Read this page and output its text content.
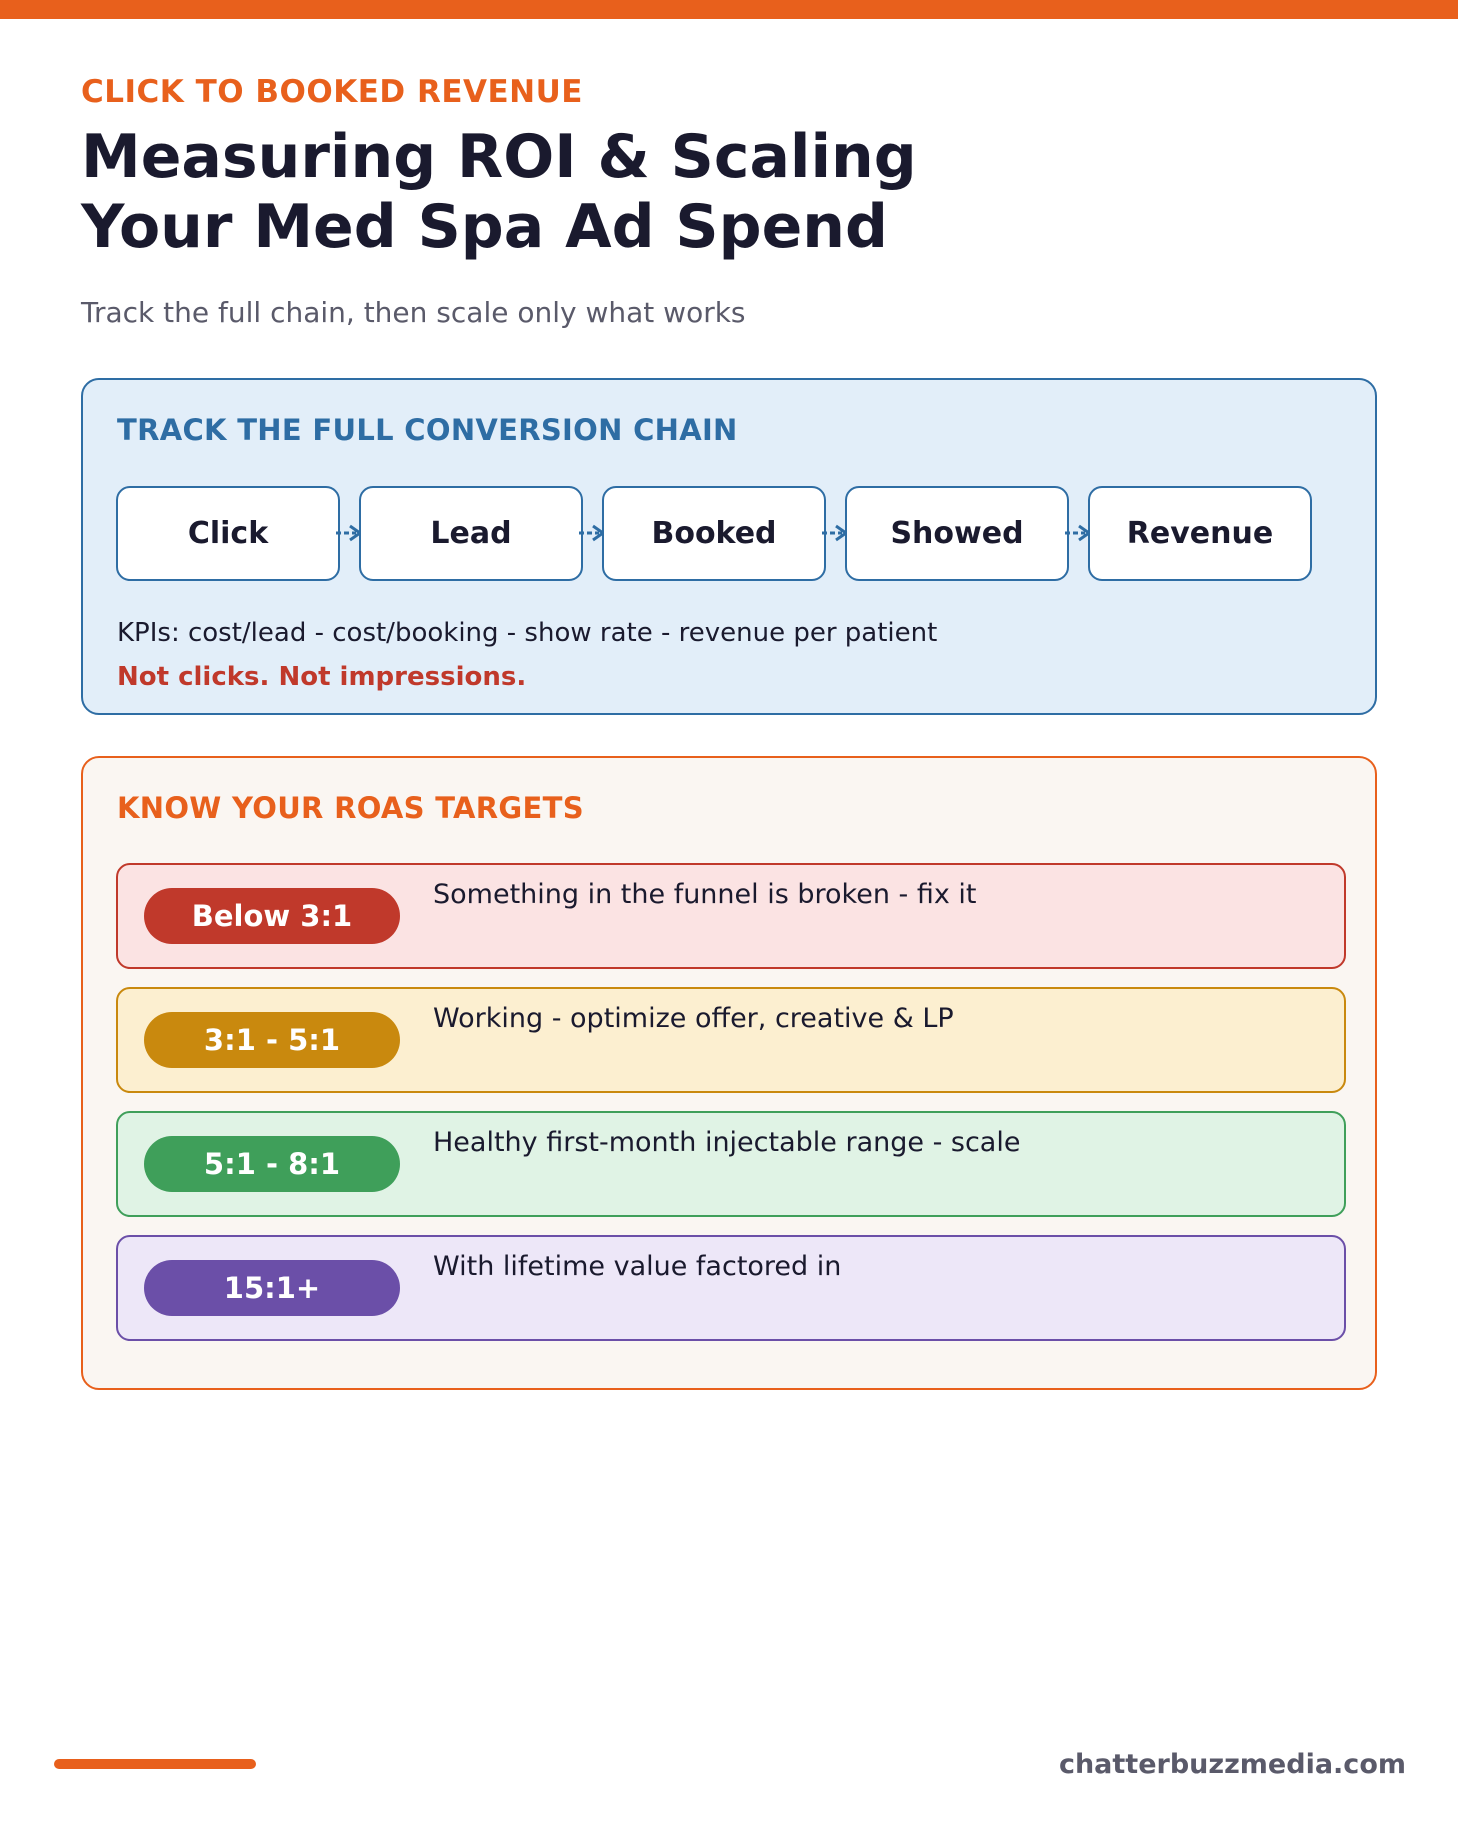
CLICK TO BOOKED REVENUE
Measuring ROI & Scaling
Your Med Spa Ad Spend
Track the full chain, then scale only what works
TRACK THE FULL CONVERSION CHAIN
Click	Lead	Booked	Showed	Revenue
KPIs: cost/lead - cost/booking - show rate - revenue per patient
Not clicks. Not impressions.
KNOW YOUR ROAS TARGETS
Below 3:1
Something in the funnel is broken - fix it
3:1 - 5:1
Working - optimize offer, creative & LP
5:1 - 8:1
Healthy first-month injectable range - scale
15:1+
With lifetime value factored in
chatterbuzzmedia.com
